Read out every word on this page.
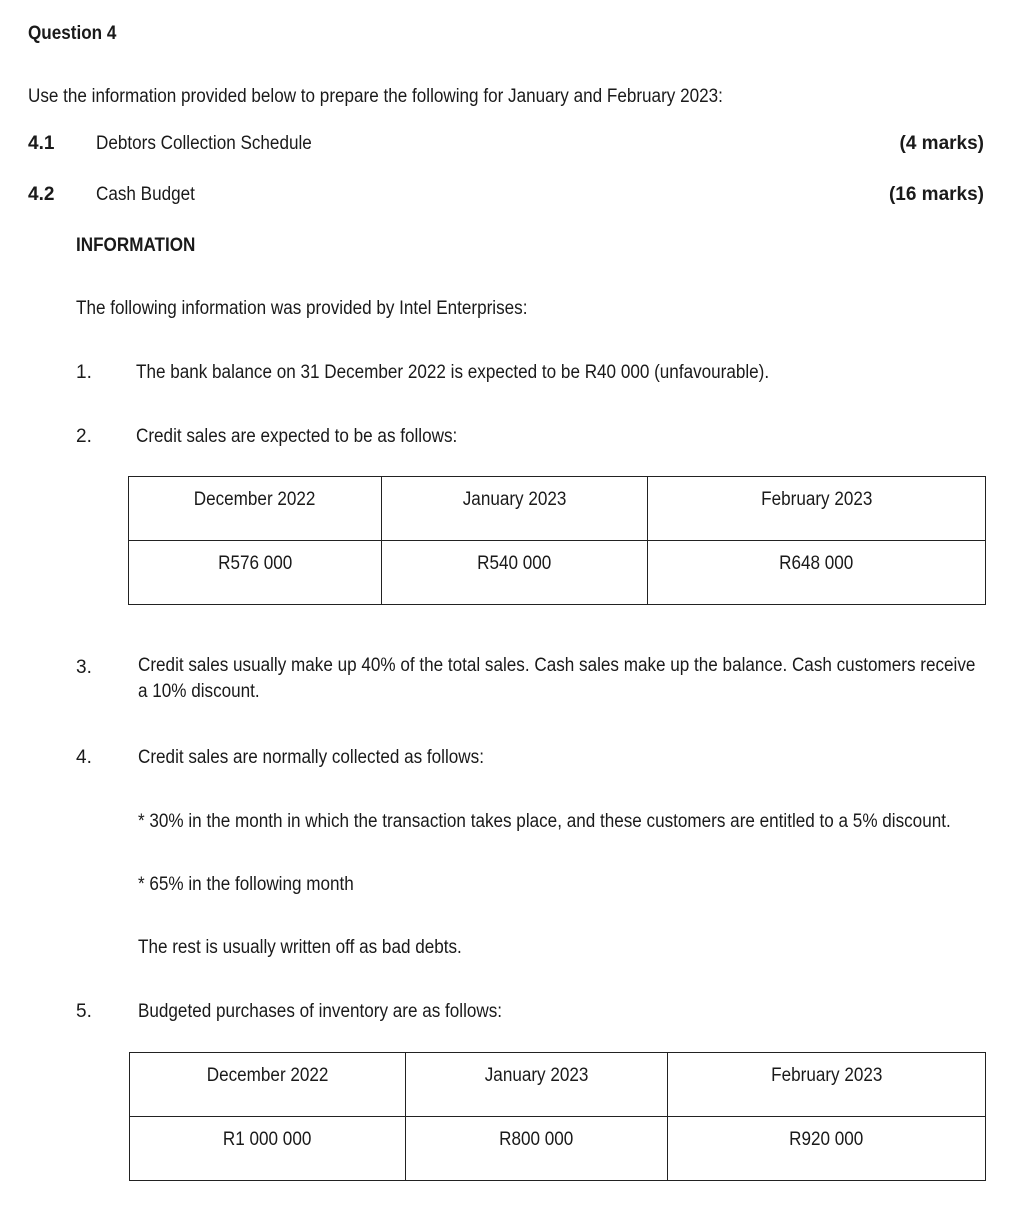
Question 4
Use the information provided below to prepare the following for January and February 2023:
4.1 Debtors Collection Schedule	(4 marks)
4.2 Cash Budget	(16 marks)
INFORMATION
The following information was provided by Intel Enterprises:
1. The bank balance on 31 December 2022 is expected to be R40 000 (unfavourable).
2. Credit sales are expected to be as follows:
December 2022	January 2023	February 2023
R576 000	R540 000	R648 000
3. Credit sales usually make up 40% of the total sales. Cash sales make up the balance. Cash customers receive a 10% discount.
4. Credit sales are normally collected as follows:
* 30% in the month in which the transaction takes place, and these customers are entitled to a 5% discount.
* 65% in the following month
The rest is usually written off as bad debts.
5. Budgeted purchases of inventory are as follows:
December 2022	January 2023	February 2023
R1 000 000	R800 000	R920 000
